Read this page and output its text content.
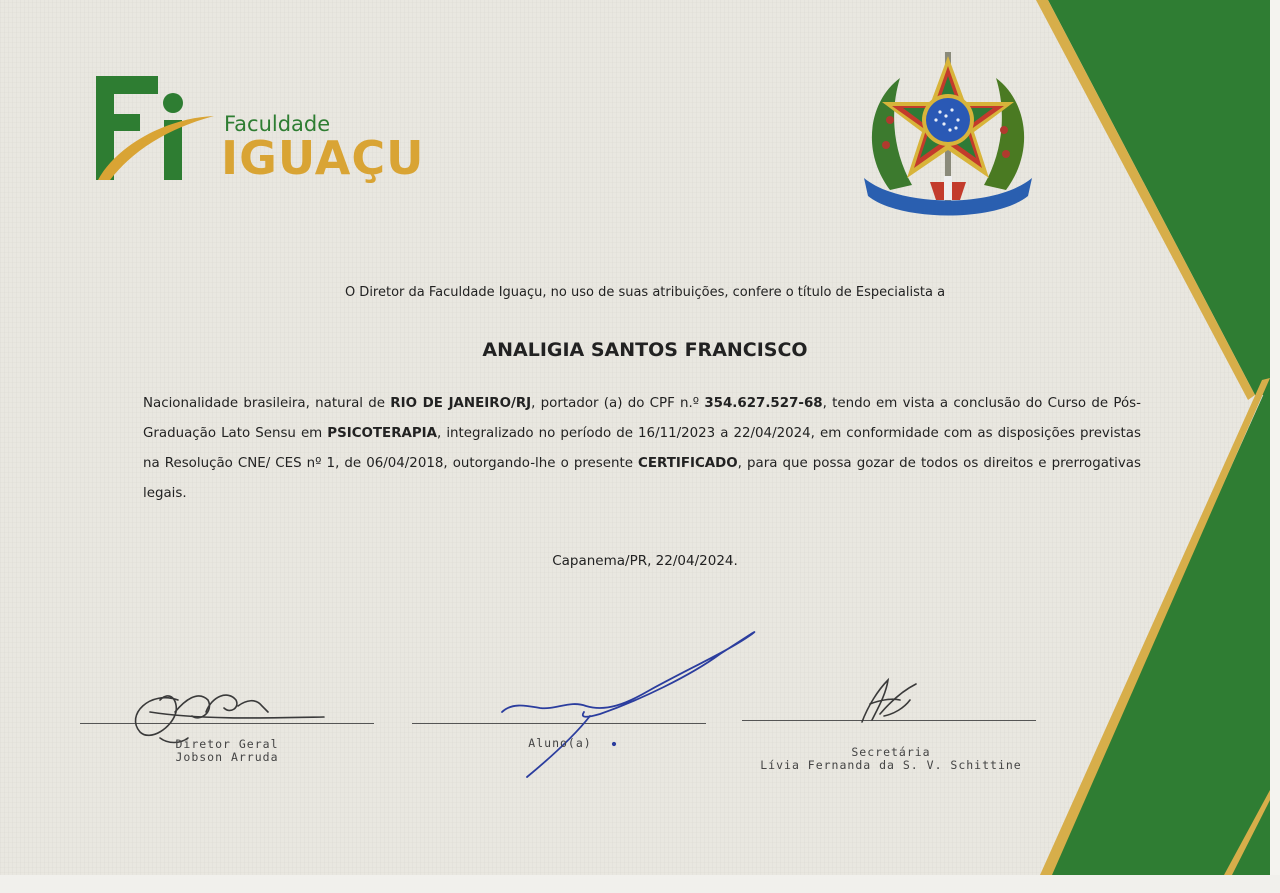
Faculdade
IGUAÇU
O Diretor da Faculdade Iguaçu, no uso de suas atribuições, confere o título de Especialista a
ANALIGIA SANTOS FRANCISCO
Nacionalidade brasileira, natural de RIO DE JANEIRO/RJ, portador (a) do CPF n.º 354.627.527-68, tendo em vista a conclusão do Curso de Pós-Graduação Lato Sensu em PSICOTERAPIA, integralizado no período de 16/11/2023 a 22/04/2024, em conformidade com as disposições previstas na Resolução CNE/ CES nº 1, de 06/04/2018, outorgando-lhe o presente CERTIFICADO, para que possa gozar de todos os direitos e prerrogativas legais.
Capanema/PR, 22/04/2024.
Diretor Geral
Jobson Arruda
Aluno(a)
Secretária
Lívia Fernanda da S. V. Schittine
